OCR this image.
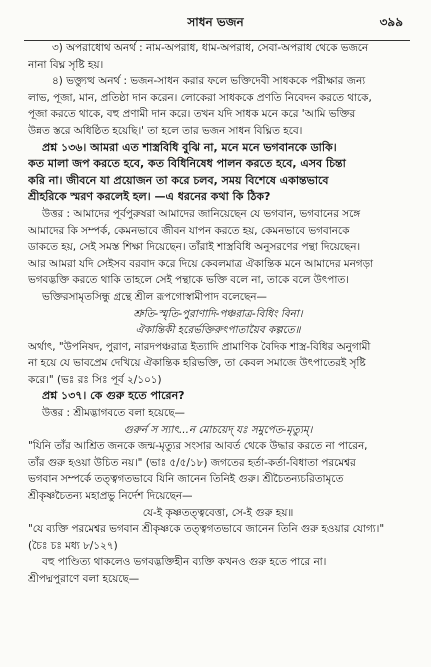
সাধন ভজন	৩৯৯
৩) অপরাধোথ অনর্থ : নাম-অপরাধ, ধাম-অপরাধ, সেবা-অপরাধ থেকে ভজনে
নানা বিঘ্ন সৃষ্টি হয়।
৪) ভক্ত্যুত্থ অনর্থ : ভজন-সাধন করার ফলে ভক্তিদেবী সাধককে পরীক্ষার জন্য
লাভ, পূজা, মান, প্রতিষ্ঠা দান করেন। লোকেরা সাধককে প্রণতি নিবেদন করতে থাকে,
পূজা করতে থাকে, বহু প্রণামী দান করে। তখন যদি সাধক মনে করে 'আমি ভক্তির
উন্নত স্তরে অধিষ্ঠিত হয়েছি।' তা হলে তার ভজন সাধন বিঘ্নিত হবে।
প্রশ্ন ১৩৬। আমরা এত শাস্ত্রবিধি বুঝি না, মনে মনে ভগবানকে ডাকি।
কত মালা জপ করতে হবে, কত বিধিনিষেধ পালন করতে হবে, এসব চিন্তা
করি না। জীবনে যা প্রয়োজন তা করে চলব, সময় বিশেষে একান্তভাবে
শ্রীহরিকে স্মরণ করলেই হল। —এ ধরনের কথা কি ঠিক?
উত্তর : আমাদের পূর্বপুরুষরা আমাদের জানিয়েছেন যে ভগবান, ভগবানের সঙ্গে
আমাদের কি সম্পর্ক, কেমনভাবে জীবন যাপন করতে হয়, কেমনভাবে ভগবানকে
ডাকতে হয়, সেই সমস্ত শিক্ষা দিয়েছেন। তাঁরাই শাস্ত্রবিধি অনুসরণের পন্থা দিয়েছেন।
আর আমরা যদি সেইসব বরবাদ করে দিয়ে কেবলমাত্র ঐকান্তিক মনে আমাদের মনগড়া
ভগবদ্ভক্তি করতে থাকি তাহলে সেই পন্থাকে ভক্তি বলে না, তাকে বলে উৎপাত।
ভক্তিরসামৃতসিন্ধু গ্রন্থে শ্রীল রূপগোস্বামীপাদ বলেছেন—
শ্রুতি-স্মৃতি-পুরাণাদি-পঞ্চরাত্র-বিধিং বিনা।
ঐকান্তিকী হরের্ভক্তিরুৎপাতায়ৈব কল্পতে॥
অর্থাৎ, "উপনিষদ, পুরাণ, নারদপঞ্চরাত্র ইত্যাদি প্রামাণিক বৈদিক শাস্ত্র-বিধির অনুগামী
না হয়ে যে ভাবপ্রেম দেখিয়ে ঐকান্তিক হরিভক্তি, তা কেবল সমাজে উৎপাতেরই সৃষ্টি
করে।" (ভঃ রঃ সিঃ পূর্ব ২/১০১)
প্রশ্ন ১৩৭। কে গুরু হতে পারেন?
উত্তর : শ্রীমদ্ভাগবতে বলা হয়েছে—
গুরুর্ন স স্যাৎ...ন মোচয়েদ্ যঃ সমুপেত-মৃত্যুম্।
"যিনি তাঁর আশ্রিত জনকে জন্ম-মৃত্যুর সংসার আবর্ত থেকে উদ্ধার করতে না পারেন,
তাঁর গুরু হওয়া উচিত নয়।" (ভাঃ ৫/৫/১৮) জগতের হর্তা-কর্তা-বিধাতা পরমেশ্বর
ভগবান সম্পর্কে তত্ত্বগতভাবে যিনি জানেন তিনিই গুরু। শ্রীচৈতন্যচরিতামৃতে
শ্রীকৃষ্ণচৈতন্য মহাপ্রভু নির্দেশ দিয়েছেন—
যে-ই কৃষ্ণতত্ত্ববেত্তা, সে-ই গুরু হয়॥
"যে ব্যক্তি পরমেশ্বর ভগবান শ্রীকৃষ্ণকে তত্ত্বগতভাবে জানেন তিনি গুরু হওয়ার যোগ্য।"
(চৈঃ চঃ মধ্য ৮/১২৭)
বহু পাণ্ডিত্য থাকলেও ভগবদ্ভক্তিহীন ব্যক্তি কখনও গুরু হতে পারে না।
শ্রীপদ্মপুরাণে বলা হয়েছে—
